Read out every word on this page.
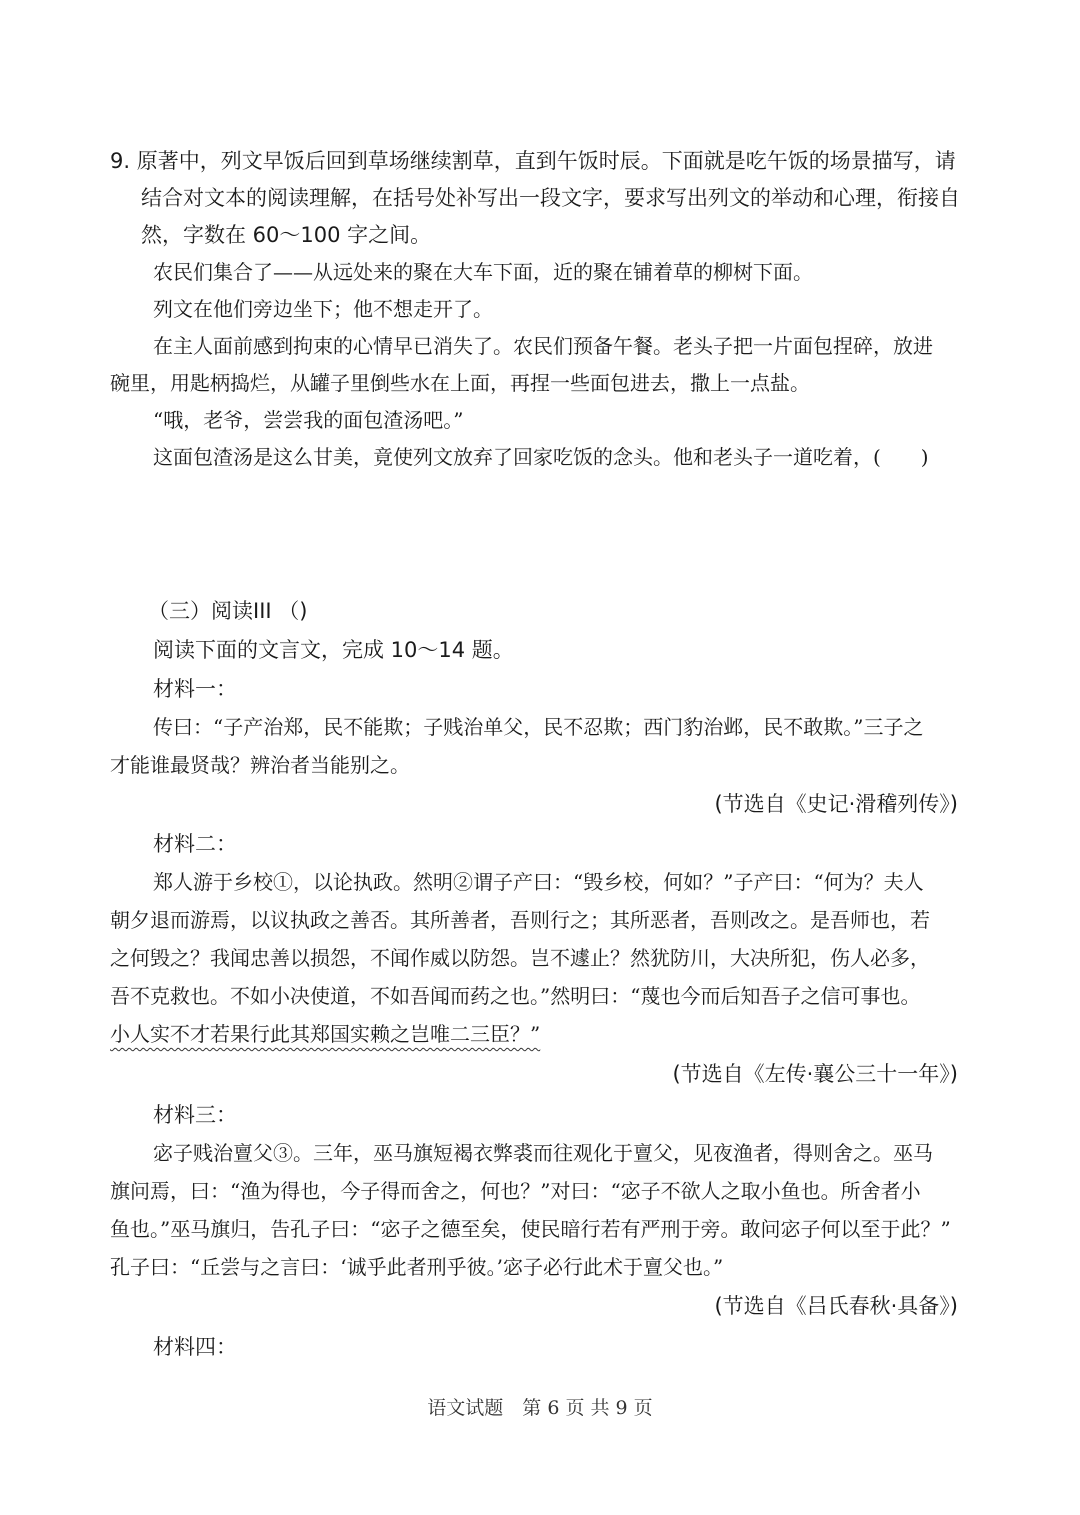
9. 原著中，列文早饭后回到草场继续割草，直到午饭时辰。下面就是吃午饭的场景描写，请
结合对文本的阅读理解，在括号处补写出一段文字，要求写出列文的举动和心理，衔接自
然，字数在 60～100 字之间。
农民们集合了——从远处来的聚在大车下面，近的聚在铺着草的柳树下面。
列文在他们旁边坐下；他不想走开了。
在主人面前感到拘束的心情早已消失了。农民们预备午餐。老头子把一片面包捏碎，放进
碗里，用匙柄捣烂，从罐子里倒些水在上面，再捏一些面包进去，撒上一点盐。
“哦，老爷，尝尝我的面包渣汤吧。”
这面包渣汤是这么甘美，竟使列文放弃了回家吃饭的念头。他和老头子一道吃着，(　　)
（三）阅读III （)
阅读下面的文言文，完成 10～14 题。
材料一：
传曰：“子产治郑，民不能欺；子贱治单父，民不忍欺；西门豹治邺，民不敢欺。”三子之
才能谁最贤哉？辨治者当能别之。
(节选自《史记·滑稽列传》)
材料二：
郑人游于乡校①，以论执政。然明②谓子产曰：“毁乡校，何如？”子产曰：“何为？夫人
朝夕退而游焉，以议执政之善否。其所善者，吾则行之；其所恶者，吾则改之。是吾师也，若
之何毁之？我闻忠善以损怨，不闻作威以防怨。岂不遽止？然犹防川，大决所犯，伤人必多，
吾不克救也。不如小决使道，不如吾闻而药之也。”然明曰：“蔑也今而后知吾子之信可事也。
小人实不才若果行此其郑国实赖之岂唯二三臣？”
(节选自《左传·襄公三十一年》)
材料三：
宓子贱治亶父③。三年，巫马旗短褐衣弊裘而往观化于亶父，见夜渔者，得则舍之。巫马
旗问焉，曰：“渔为得也，今子得而舍之，何也？”对曰：“宓子不欲人之取小鱼也。所舍者小
鱼也。”巫马旗归，告孔子曰：“宓子之德至矣，使民暗行若有严刑于旁。敢问宓子何以至于此？”
孔子曰：“丘尝与之言曰：‘诚乎此者刑乎彼。’宓子必行此术于亶父也。”
(节选自《吕氏春秋·具备》)
材料四：
语文试题　第 6 页 共 9 页
